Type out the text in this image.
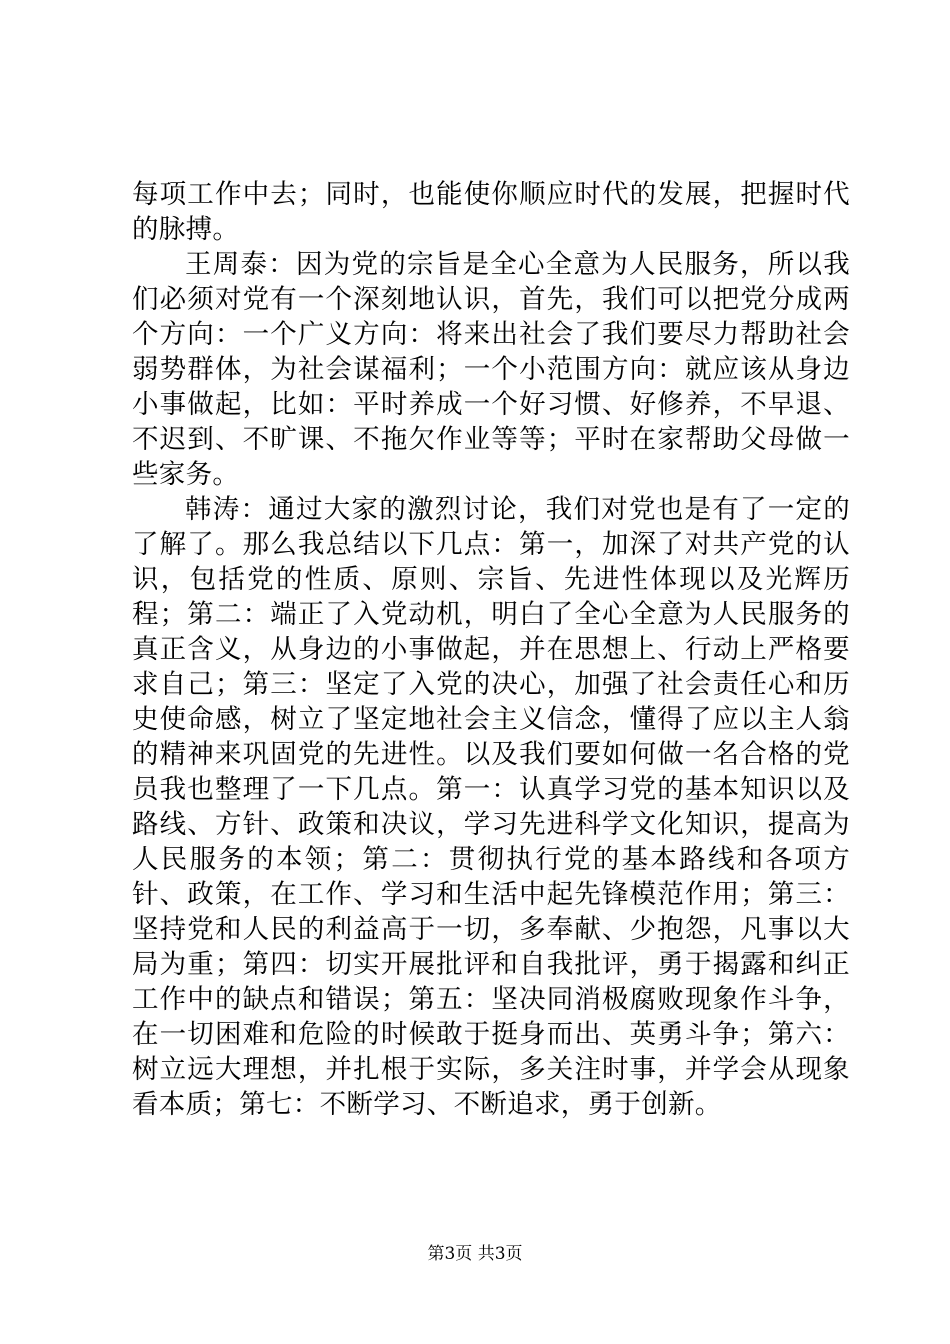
每项工作中去；同时，也能使你顺应时代的发展，把握时代的脉搏。

王周泰：因为党的宗旨是全心全意为人民服务，所以我们必须对党有一个深刻地认识，首先，我们可以把党分成两个方向：一个广义方向：将来出社会了我们要尽力帮助社会弱势群体，为社会谋福利；一个小范围方向：就应该从身边小事做起，比如：平时养成一个好习惯、好修养，不早退、不迟到、不旷课、不拖欠作业等等；平时在家帮助父母做一些家务。

韩涛：通过大家的激烈讨论，我们对党也是有了一定的了解了。那么我总结以下几点：第一，加深了对共产党的认识，包括党的性质、原则、宗旨、先进性体现以及光辉历程；第二：端正了入党动机，明白了全心全意为人民服务的真正含义，从身边的小事做起，并在思想上、行动上严格要求自己；第三：坚定了入党的决心，加强了社会责任心和历史使命感，树立了坚定地社会主义信念，懂得了应以主人翁的精神来巩固党的先进性。以及我们要如何做一名合格的党员我也整理了一下几点。第一：认真学习党的基本知识以及路线、方针、政策和决议，学习先进科学文化知识，提高为人民服务的本领；第二：贯彻执行党的基本路线和各项方针、政策，在工作、学习和生活中起先锋模范作用；第三：坚持党和人民的利益高于一切，多奉献、少抱怨，凡事以大局为重；第四：切实开展批评和自我批评，勇于揭露和纠正工作中的缺点和错误；第五：坚决同消极腐败现象作斗争，在一切困难和危险的时候敢于挺身而出、英勇斗争；第六：树立远大理想，并扎根于实际，多关注时事，并学会从现象看本质；第七：不断学习、不断追求，勇于创新。

第3页 共3页
